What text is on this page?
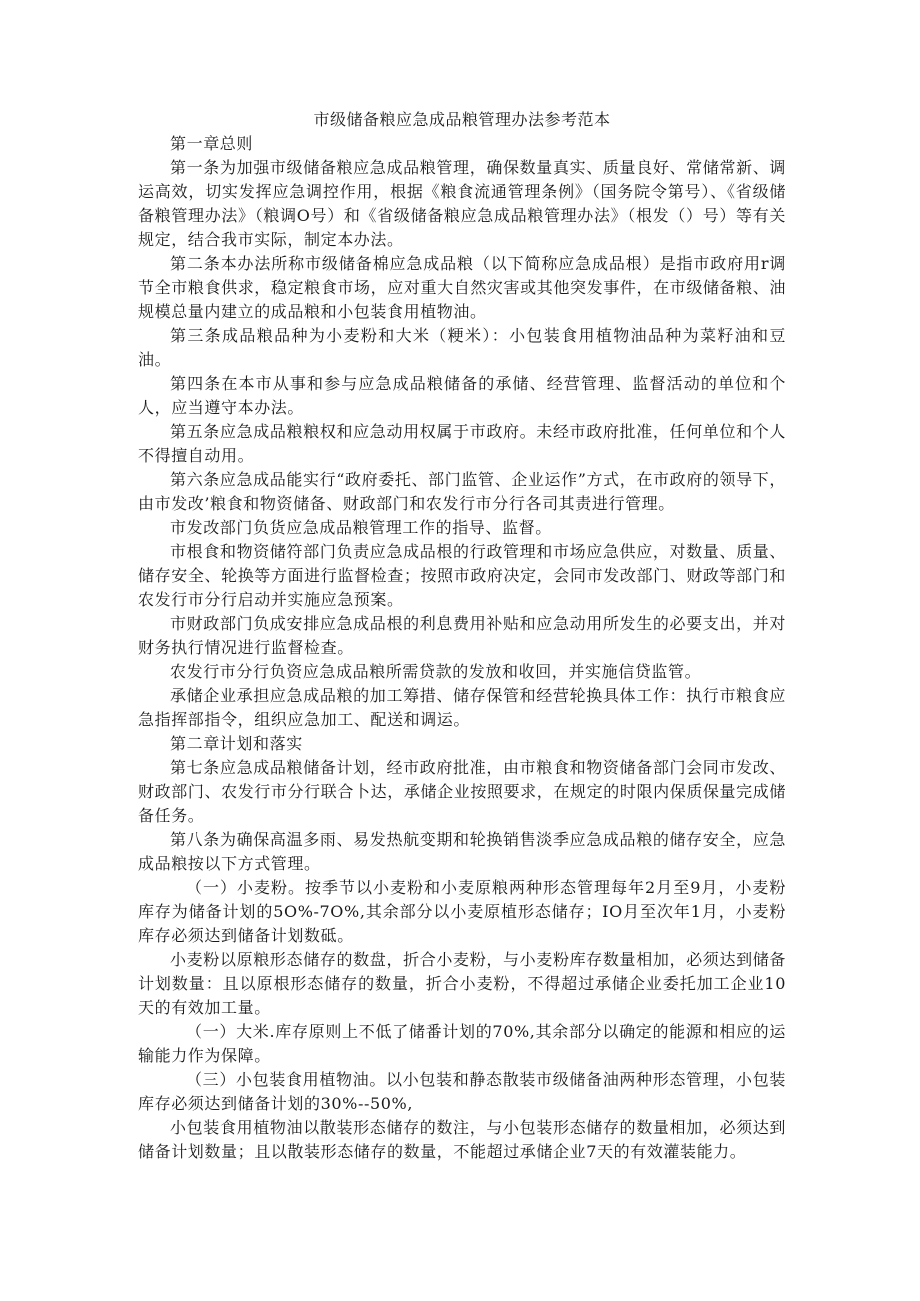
市级储备粮应急成品粮管理办法参考范本

第一章总则

第一条为加强市级储备粮应急成品粮管理，确保数量真实、质量良好、常储常新、调运高效，切实发挥应急调控作用，根据《粮食流通管理条例》（国务院令第号）、《省级储备粮管理办法》（粮调O号）和《省级储备粮应急成品粮管理办法》（根发（）号）等有关规定，结合我市实际，制定本办法。

第二条本办法所称市级储备棉应急成品粮（以下简称应急成品根）是指市政府用r调节全市粮食供求，稳定粮食市场，应对重大自然灾害或其他突发事件，在市级储备粮、油规模总量内建立的成品粮和小包装食用植物油。

第三条成品粮品种为小麦粉和大米（粳米）：小包装食用植物油品种为菜籽油和豆油。

第四条在本市从事和参与应急成品粮储备的承储、经营管理、监督活动的单位和个人，应当遵守本办法。

第五条应急成品粮粮权和应急动用权属于市政府。未经市政府批准，任何单位和个人不得擅自动用。

第六条应急成品能实行“政府委托、部门监管、企业运作”方式，在市政府的领导下，由市发改’粮食和物资储备、财政部门和农发行市分行各司其责进行管理。

市发改部门负货应急成品粮管理工作的指导、监督。

市根食和物资储符部门负责应急成品根的行政管理和市场应急供应，对数量、质量、储存安全、轮换等方面进行监督检查；按照市政府决定，会同市发改部门、财政等部门和农发行市分行启动并实施应急预案。

市财政部门负成安排应急成品根的利息费用补贴和应急动用所发生的必要支出，并对财务执行情况进行监督检查。

农发行市分行负资应急成品粮所需贷款的发放和收回，并实施信贷监管。

承储企业承担应急成品粮的加工筹措、储存保管和经营轮换具体工作：执行市粮食应急指挥部指令，组织应急加工、配送和调运。

第二章计划和落实

第七条应急成品粮储备计划，经市政府批准，由市粮食和物资储备部门会同市发改、财政部门、农发行市分行联合卜达，承储企业按照要求，在规定的时限内保质保量完成储备任务。

第八条为确保高温多雨、易发热航变期和轮换销售淡季应急成品粮的储存安全，应急成品粮按以下方式管理。

（一）小麦粉。按季节以小麦粉和小麦原粮两种形态管理每年2月至9月，小麦粉库存为储备计划的5O%-7O%,其余部分以小麦原植形态储存；IO月至次年1月，小麦粉库存必须达到储备计划数砥。

小麦粉以原粮形态储存的数盘，折合小麦粉，与小麦粉库存数量相加，必须达到储备计划数量：且以原根形态储存的数量，折合小麦粉，不得超过承储企业委托加工企业10天的有效加工量。

（一）大米.库存原则上不低了储番计划的70%,其余部分以确定的能源和相应的运输能力作为保障。

（三）小包装食用植物油。以小包装和静态散装市级储备油两种形态管理，小包装库存必须达到储备计划的30%--50%,

小包装食用植物油以散装形态储存的数注，与小包装形态储存的数量相加，必须达到储备计划数量；且以散装形态储存的数量，不能超过承储企业7天的有效灌装能力。
